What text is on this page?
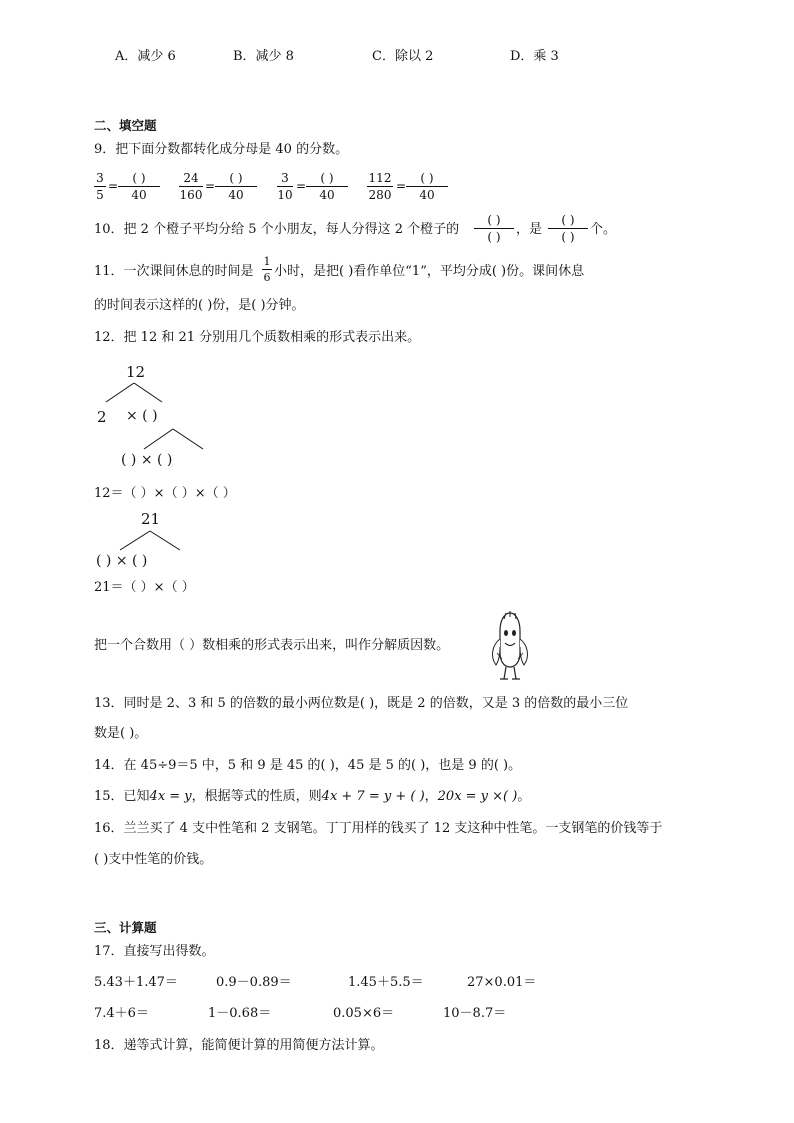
A．减少 6	B．减少 8	C．除以 2	D．乘 3
二、填空题
9．把下面分数都转化成分母是 40 的分数。
3
5
=
( )
40
24
160
=
( )
40
3
10
=
( )
40
112
280
=
( )
40
10．把 2 个橙子平均分给 5 个小朋友，每人分得这 2 个橙子的
( )
( )	，是
( )
( )	个。
11．一次课间休息的时间是
1
6 小时，是把( )看作单位“1”，平均分成( )份。课间休息
的时间表示这样的( )份，是( )分钟。
12．把 12 和 21 分别用几个质数相乘的形式表示出来。
12
2 × ( )
( ) × ( )
12＝（ ）×（ ）×（ ）
21
( ) × ( )
21＝（ ）×（ ）
把一个合数用（ ）数相乘的形式表示出来，叫作分解质因数。
13．同时是 2、3 和 5 的倍数的最小两位数是( )，既是 2 的倍数，又是 3 的倍数的最小三位
数是( )。
14．在 45÷9＝5 中，5 和 9 是 45 的( )，45 是 5 的( )，也是 9 的( )。
15．已知4x = y，根据等式的性质，则4x + 7 = y + ( )，20x = y ×( )。
16．兰兰买了 4 支中性笔和 2 支钢笔。丁丁用样的钱买了 12 支这种中性笔。一支钢笔的价钱等于
( )支中性笔的价钱。
三、计算题
17．直接写出得数。
5.43＋1.47＝	0.9－0.89＝	1.45＋5.5＝	27×0.01＝
7.4＋6＝	1－0.68＝	0.05×6＝	10－8.7＝
18．递等式计算，能简便计算的用简便方法计算。
